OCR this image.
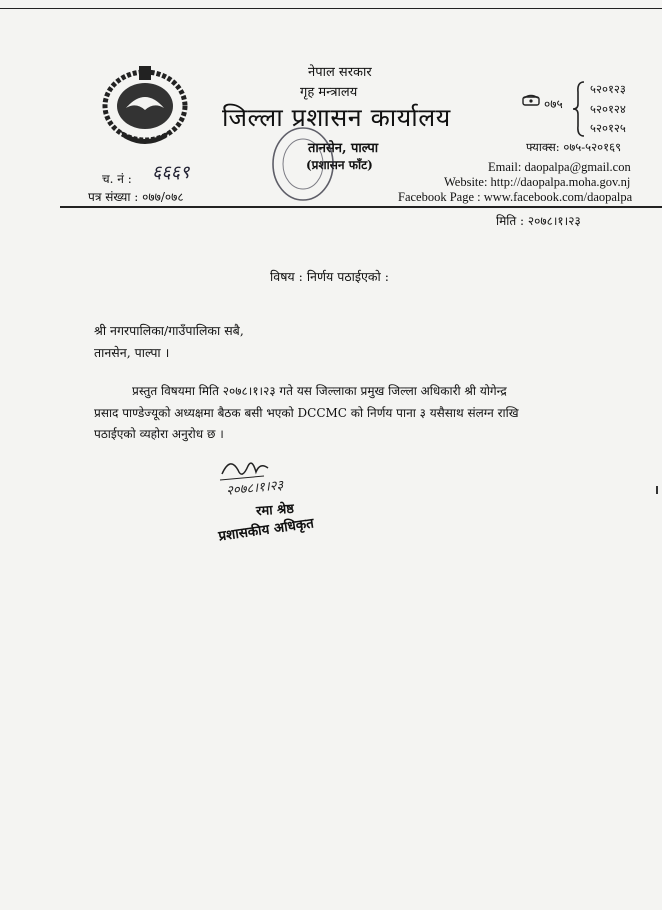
नेपाल सरकार
गृह मन्त्रालय
जिल्ला प्रशासन कार्यालय
तानसेन, पाल्पा
(प्रशासन फाँट)
०७५
५२०१२३
५२०१२४
५२०१२५
फ्याक्स: ०७५-५२०१६९
Email: daopalpa@gmail.con
Website: http://daopalpa.moha.gov.nj
Facebook Page : www.facebook.com/daopalpa
च. नं : ६६६९
पत्र संख्या : ०७७/०७८
मिति : २०७८।१।२३
विषय : निर्णय पठाईएको :
श्री नगरपालिका/गाउँपालिका सबै,
तानसेन, पाल्पा ।
प्रस्तुत विषयमा मिति २०७८।१।२३ गते यस जिल्लाका प्रमुख जिल्ला अधिकारी श्री योगेन्द्र
प्रसाद पाण्डेज्यूको अध्यक्षमा बैठक बसी भएको DCCMC को निर्णय पाना ३ यसैसाथ संलग्न राखि
पठाईएको व्यहोरा अनुरोध छ ।
२०७८।१।२३
रमा श्रेष्ठ
प्रशासकीय अधिकृत
